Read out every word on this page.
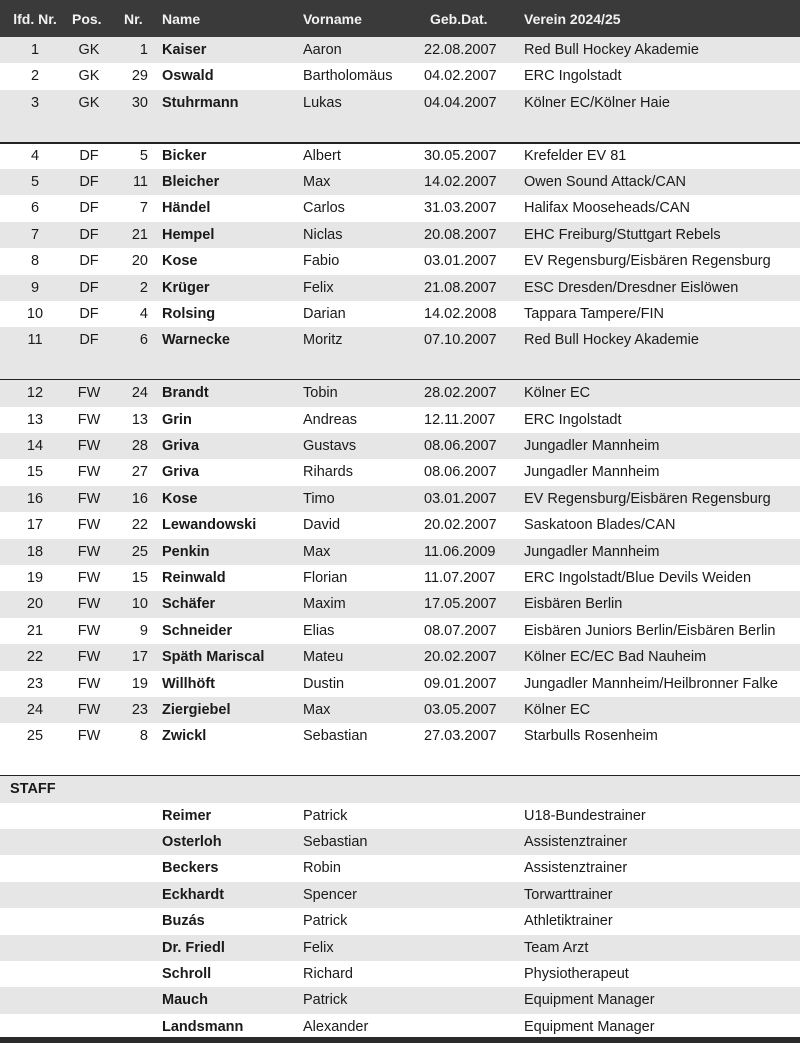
lfd. Nr.	Pos. Nr. Name	Vorname	Geb.Dat.	Verein 2024/25
1	GK	1 Kaiser	Aaron	22.08.2007 Red Bull Hockey Akademie
2	GK	29 Oswald	Bartholomäus 04.02.2007 ERC Ingolstadt
3	GK	30 Stuhrmann	Lukas	04.04.2007 Kölner EC/Kölner Haie
4	DF	5 Bicker	Albert	30.05.2007 Krefelder EV 81
5	DF	11 Bleicher	Max	14.02.2007 Owen Sound Attack/CAN
6	DF	7 Händel	Carlos	31.03.2007 Halifax Mooseheads/CAN
7	DF	21 Hempel	Niclas	20.08.2007 EHC Freiburg/Stuttgart Rebels
8	DF	20 Kose	Fabio	03.01.2007 EV Regensburg/Eisbären Regensburg
9	DF	2 Krüger	Felix	21.08.2007 ESC Dresden/Dresdner Eislöwen
10	DF	4 Rolsing	Darian	14.02.2008 Tappara Tampere/FIN
11	DF	6 Warnecke	Moritz	07.10.2007 Red Bull Hockey Akademie
12	FW	24 Brandt	Tobin	28.02.2007 Kölner EC
13	FW	13 Grin	Andreas	12.11.2007 ERC Ingolstadt
14	FW	28 Griva	Gustavs	08.06.2007 Jungadler Mannheim
15	FW	27 Griva	Rihards	08.06.2007 Jungadler Mannheim
16	FW	16 Kose	Timo	03.01.2007 EV Regensburg/Eisbären Regensburg
17	FW	22 Lewandowski	David	20.02.2007 Saskatoon Blades/CAN
18	FW	25 Penkin	Max	11.06.2009 Jungadler Mannheim
19	FW	15 Reinwald	Florian	11.07.2007 ERC Ingolstadt/Blue Devils Weiden
20	FW	10 Schäfer	Maxim	17.05.2007 Eisbären Berlin
21	FW	9 Schneider	Elias	08.07.2007 Eisbären Juniors Berlin/Eisbären Berlin
22	FW	17 Späth Mariscal	Mateu	20.02.2007 Kölner EC/EC Bad Nauheim
23	FW	19 Willhöft	Dustin	09.01.2007 Jungadler Mannheim/Heilbronner Falke
24	FW	23 Ziergiebel	Max	03.05.2007 Kölner EC
25	FW	8 Zwickl	Sebastian	27.03.2007 Starbulls Rosenheim
STAFF
Reimer	Patrick	U18-Bundestrainer
Osterloh	Sebastian	Assistenztrainer
Beckers	Robin	Assistenztrainer
Eckhardt	Spencer	Torwarttrainer
Buzás	Patrick	Athletiktrainer
Dr. Friedl	Felix	Team Arzt
Schroll	Richard	Physiotherapeut
Mauch	Patrick	Equipment Manager
Landsmann	Alexander	Equipment Manager
